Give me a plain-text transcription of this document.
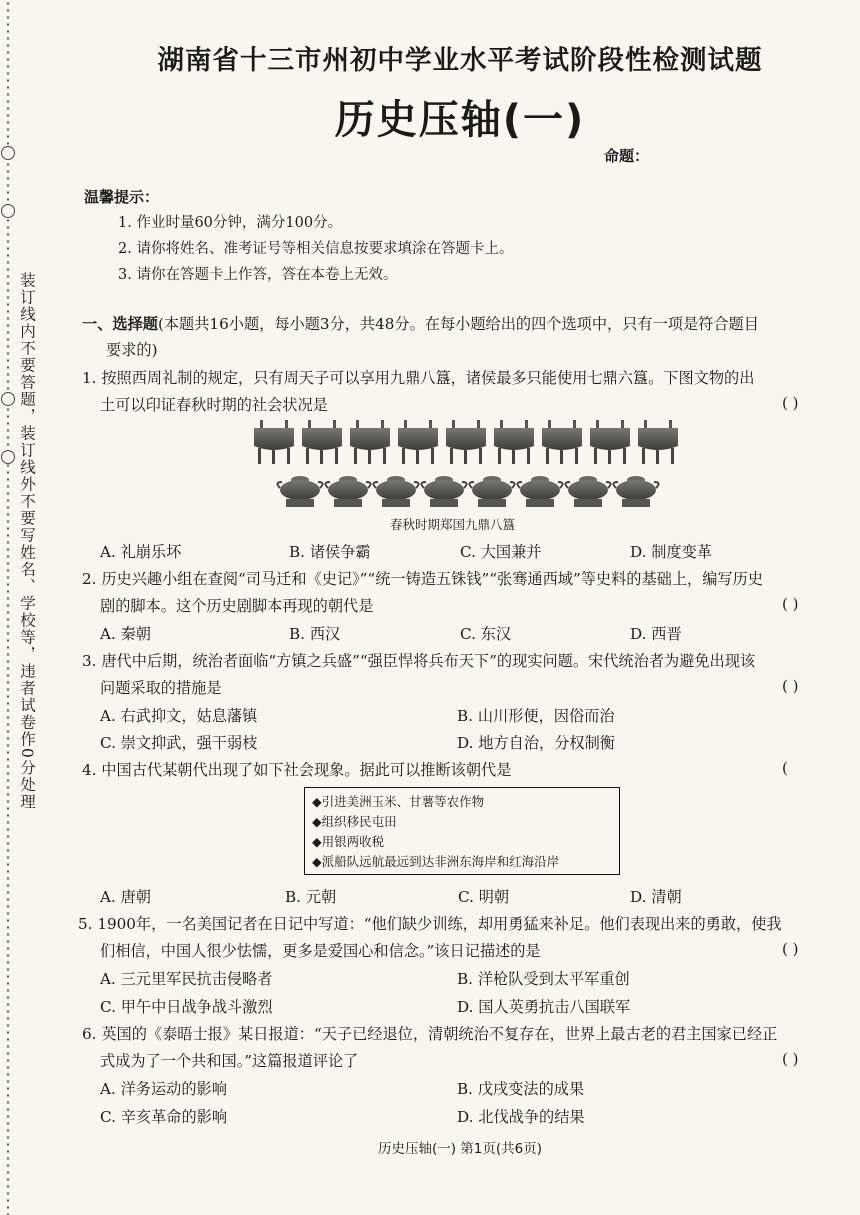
装订线内不要答题，装订线外不要写姓名、学校等，违者试卷作0分处理
湖南省十三市州初中学业水平考试阶段性检测试题
历史压轴(一)
命题：
温馨提示：
1. 作业时量60分钟，满分100分。
2. 请你将姓名、准考证号等相关信息按要求填涂在答题卡上。
3. 请你在答题卡上作答，答在本卷上无效。
一、选择题(本题共16小题，每小题3分，共48分。在每小题给出的四个选项中，只有一项是符合题目
要求的)
1. 按照西周礼制的规定，只有周天子可以享用九鼎八簋，诸侯最多只能使用七鼎六簋。下图文物的出
土可以印证春秋时期的社会状况是	( )
春秋时期郑国九鼎八簋
A. 礼崩乐坏	B. 诸侯争霸	C. 大国兼并	D. 制度变革
2. 历史兴趣小组在查阅“司马迁和《史记》”“统一铸造五铢钱”“张骞通西域”等史料的基础上，编写历史
剧的脚本。这个历史剧脚本再现的朝代是	( )
A. 秦朝	B. 西汉	C. 东汉	D. 西晋
3. 唐代中后期，统治者面临“方镇之兵盛”“强臣悍将兵布天下”的现实问题。宋代统治者为避免出现该
问题采取的措施是	( )
A. 右武抑文，姑息藩镇	B. 山川形便，因俗而治
C. 崇文抑武，强干弱枝	D. 地方自治，分权制衡
4. 中国古代某朝代出现了如下社会现象。据此可以推断该朝代是	(
◆引进美洲玉米、甘薯等农作物
◆组织移民屯田
◆用银两收税
◆派船队远航最远到达非洲东海岸和红海沿岸
A. 唐朝	B. 元朝	C. 明朝	D. 清朝
5. 1900年，一名美国记者在日记中写道：“他们缺少训练，却用勇猛来补足。他们表现出来的勇敢，使我
们相信，中国人很少怯懦，更多是爱国心和信念。”该日记描述的是	( )
A. 三元里军民抗击侵略者	B. 洋枪队受到太平军重创
C. 甲午中日战争战斗激烈	D. 国人英勇抗击八国联军
6. 英国的《泰晤士报》某日报道：“天子已经退位，清朝统治不复存在，世界上最古老的君主国家已经正
式成为了一个共和国。”这篇报道评论了	( )
A. 洋务运动的影响	B. 戊戌变法的成果
C. 辛亥革命的影响	D. 北伐战争的结果
历史压轴(一) 第1页(共6页)
